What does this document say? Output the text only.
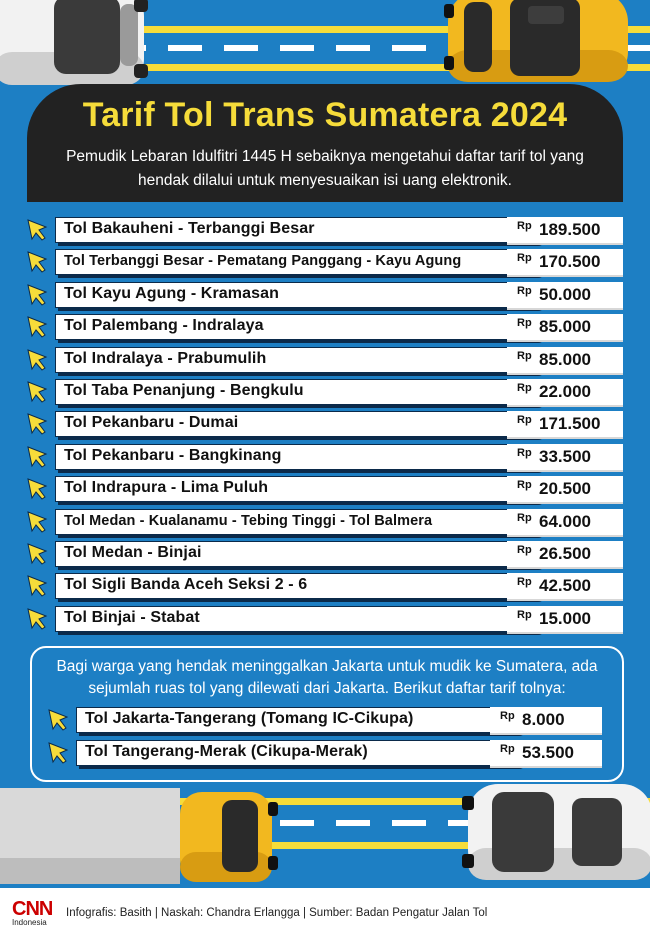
Tarif Tol Trans Sumatera 2024
Pemudik Lebaran Idulfitri 1445 H sebaiknya mengetahui daftar tarif tol yang hendak dilalui untuk menyesuaikan isi uang elektronik.
Tol Bakauheni - Terbanggi Besar	Rp 189.500
Tol Terbanggi Besar - Pematang Panggang - Kayu Agung	Rp 170.500
Tol Kayu Agung - Kramasan	Rp 50.000
Tol Palembang - Indralaya	Rp 85.000
Tol Indralaya - Prabumulih	Rp 85.000
Tol Taba Penanjung - Bengkulu	Rp 22.000
Tol Pekanbaru - Dumai	Rp 171.500
Tol Pekanbaru - Bangkinang	Rp 33.500
Tol Indrapura - Lima Puluh	Rp 20.500
Tol Medan - Kualanamu - Tebing Tinggi - Tol Balmera	Rp 64.000
Tol Medan - Binjai	Rp 26.500
Tol Sigli Banda Aceh Seksi 2 - 6	Rp 42.500
Tol Binjai - Stabat	Rp 15.000
Bagi warga yang hendak meninggalkan Jakarta untuk mudik ke Sumatera, ada sejumlah ruas tol yang dilewati dari Jakarta. Berikut daftar tarif tolnya:
Tol Jakarta-Tangerang (Tomang IC-Cikupa)	Rp 8.000
Tol Tangerang-Merak (Cikupa-Merak)	Rp 53.500
CNN
Indonesia
Infografis: Basith | Naskah: Chandra Erlangga | Sumber: Badan Pengatur Jalan Tol
